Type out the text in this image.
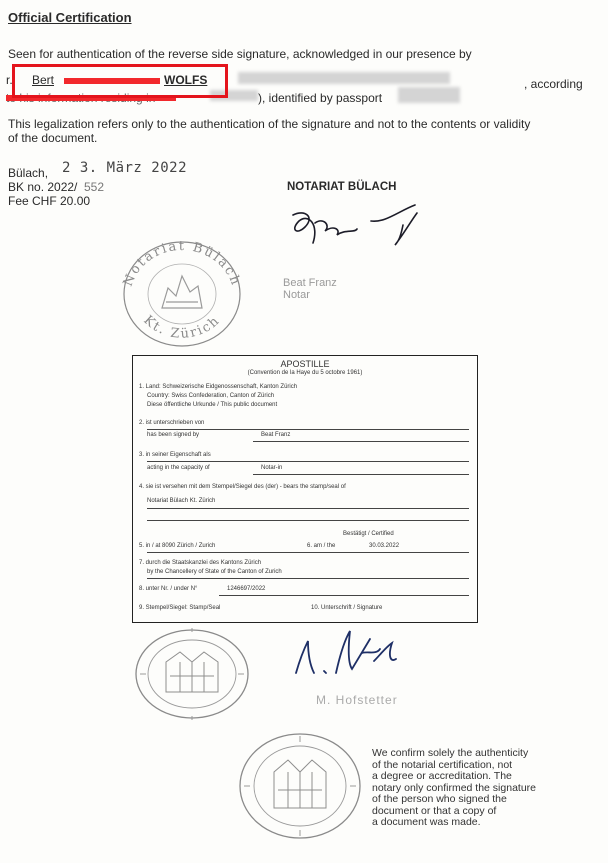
Official Certification
Seen for authentication of the reverse side signature, acknowledged in our presence by
r. Bert	WOLFS	, according
), identified by passport
This legalization refers only to the authentication of the signature and not to the contents or validity
of the document.
Bülach, 2 3. März 2022
BK no. 2022/ 552
Fee CHF 20.00
NOTARIAT BÜLACH
Beat Franz
Notar
Notariat Bülach
Kt. Zürich
APOSTILLE
(Convention de la Haye du 5 octobre 1961)
1. Land: Schweizerische Eidgenossenschaft, Kanton Zürich
Country: Swiss Confederation, Canton of Zürich
Diese öffentliche Urkunde / This public document
2. ist unterschrieben von
has been signed by	Beat Franz
3. in seiner Eigenschaft als
acting in the capacity of	Notar-in
4. sie ist versehen mit dem Stempel/Siegel des (der) - bears the stamp/seal of
Notariat Bülach Kt. Zürich
Bestätigt / Certified
5. in / at 8090 Zürich / Zurich	6. am / the	30.03.2022
7. durch die Staatskanzlei des Kantons Zürich
by the Chancellery of State of the Canton of Zurich
8. unter Nr. / under N°	1246697/2022
9. Stempel/Siegel: Stamp/Seal	10. Unterschrift / Signature
M. Hofstetter
We confirm solely the authenticity
of the notarial certification, not
a degree or accreditation. The
notary only confirmed the signature
of the person who signed the
document or that a copy of
a document was made.
